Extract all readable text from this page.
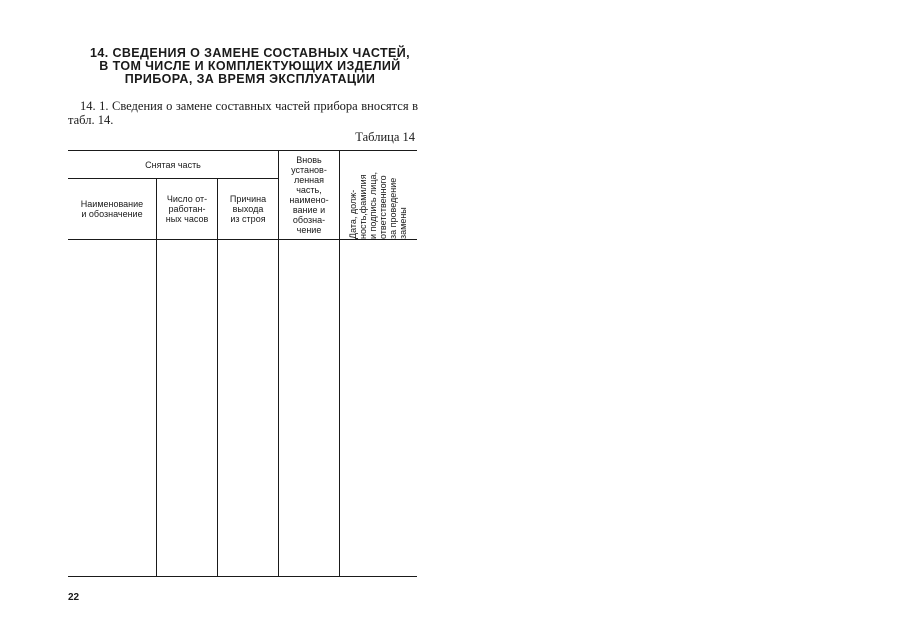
14. СВЕДЕНИЯ О ЗАМЕНЕ СОСТАВНЫХ ЧАСТЕЙ,
В ТОМ ЧИСЛЕ И КОМПЛЕКТУЮЩИХ ИЗДЕЛИЙ
ПРИБОРА, ЗА ВРЕМЯ ЭКСПЛУАТАЦИИ
14. 1. Сведения о замене составных частей прибора вносятся в табл. 14.
Таблица 14
Снятая часть
Наименование
и обозначение
Число от-
работан-
ных часов
Причина
выхода
из строя
Вновь
установ-
ленная
часть,
наимено-
вание и
обозна-
чение	Дата, долж- ность,фамилия и подпись лица, ответственного за проведение замены
22
